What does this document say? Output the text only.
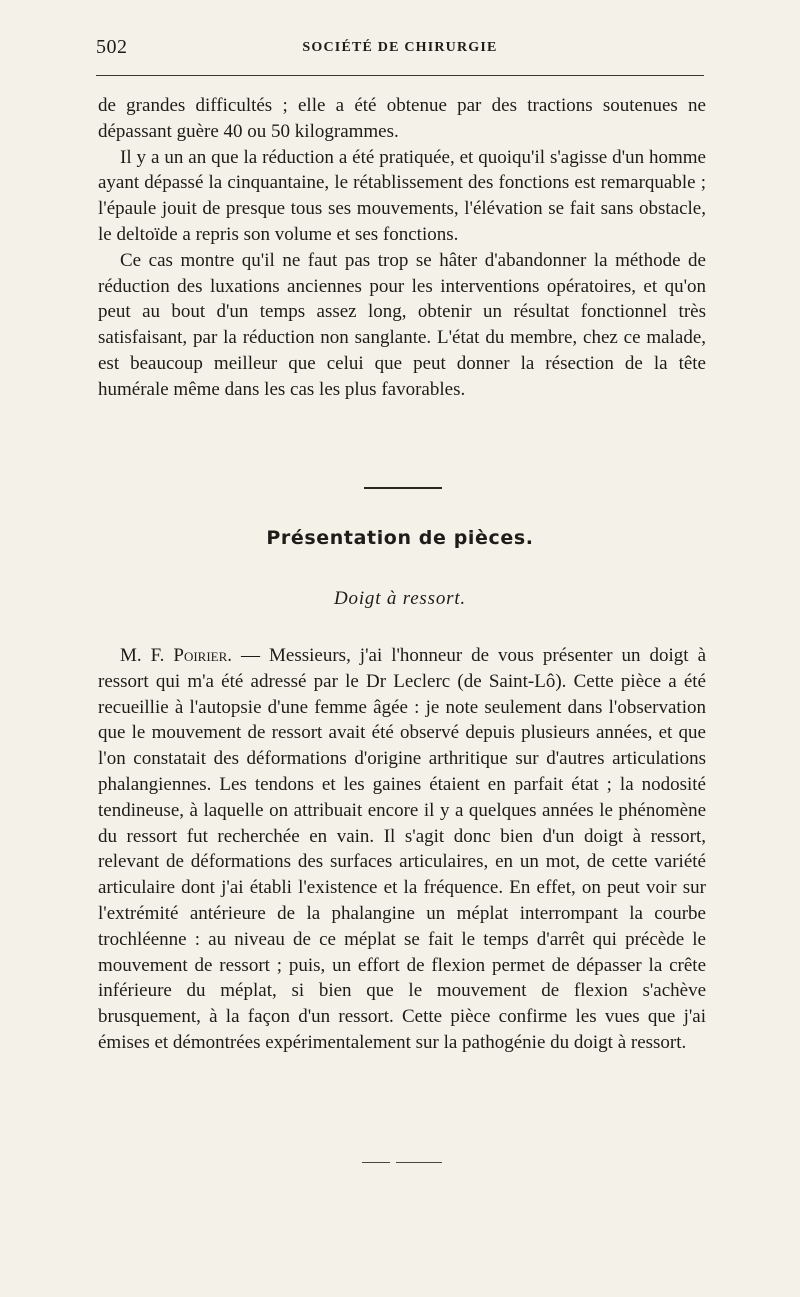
502	SOCIÉTÉ DE CHIRURGIE

de grandes difficultés ; elle a été obtenue par des tractions soutenues ne dépassant guère 40 ou 50 kilogrammes.

Il y a un an que la réduction a été pratiquée, et quoiqu'il s'agisse d'un homme ayant dépassé la cinquantaine, le rétablissement des fonctions est remarquable ; l'épaule jouit de presque tous ses mouvements, l'élévation se fait sans obstacle, le deltoïde a repris son volume et ses fonctions.

Ce cas montre qu'il ne faut pas trop se hâter d'abandonner la méthode de réduction des luxations anciennes pour les interventions opératoires, et qu'on peut au bout d'un temps assez long, obtenir un résultat fonctionnel très satisfaisant, par la réduction non sanglante. L'état du membre, chez ce malade, est beaucoup meilleur que celui que peut donner la résection de la tête humérale même dans les cas les plus favorables.

Présentation de pièces.
Doigt à ressort.

M. F. Poirier. — Messieurs, j'ai l'honneur de vous présenter un doigt à ressort qui m'a été adressé par le Dr Leclerc (de Saint-Lô). Cette pièce a été recueillie à l'autopsie d'une femme âgée : je note seulement dans l'observation que le mouvement de ressort avait été observé depuis plusieurs années, et que l'on constatait des déformations d'origine arthritique sur d'autres articulations phalangiennes. Les tendons et les gaines étaient en parfait état ; la nodosité tendineuse, à laquelle on attribuait encore il y a quelques années le phénomène du ressort fut recherchée en vain. Il s'agit donc bien d'un doigt à ressort, relevant de déformations des surfaces articulaires, en un mot, de cette variété articulaire dont j'ai établi l'existence et la fréquence. En effet, on peut voir sur l'extrémité antérieure de la phalangine un méplat interrompant la courbe trochléenne : au niveau de ce méplat se fait le temps d'arrêt qui précède le mouvement de ressort ; puis, un effort de flexion permet de dépasser la crête inférieure du méplat, si bien que le mouvement de flexion s'achève brusquement, à la façon d'un ressort. Cette pièce confirme les vues que j'ai émises et démontrées expérimentalement sur la pathogénie du doigt à ressort.
